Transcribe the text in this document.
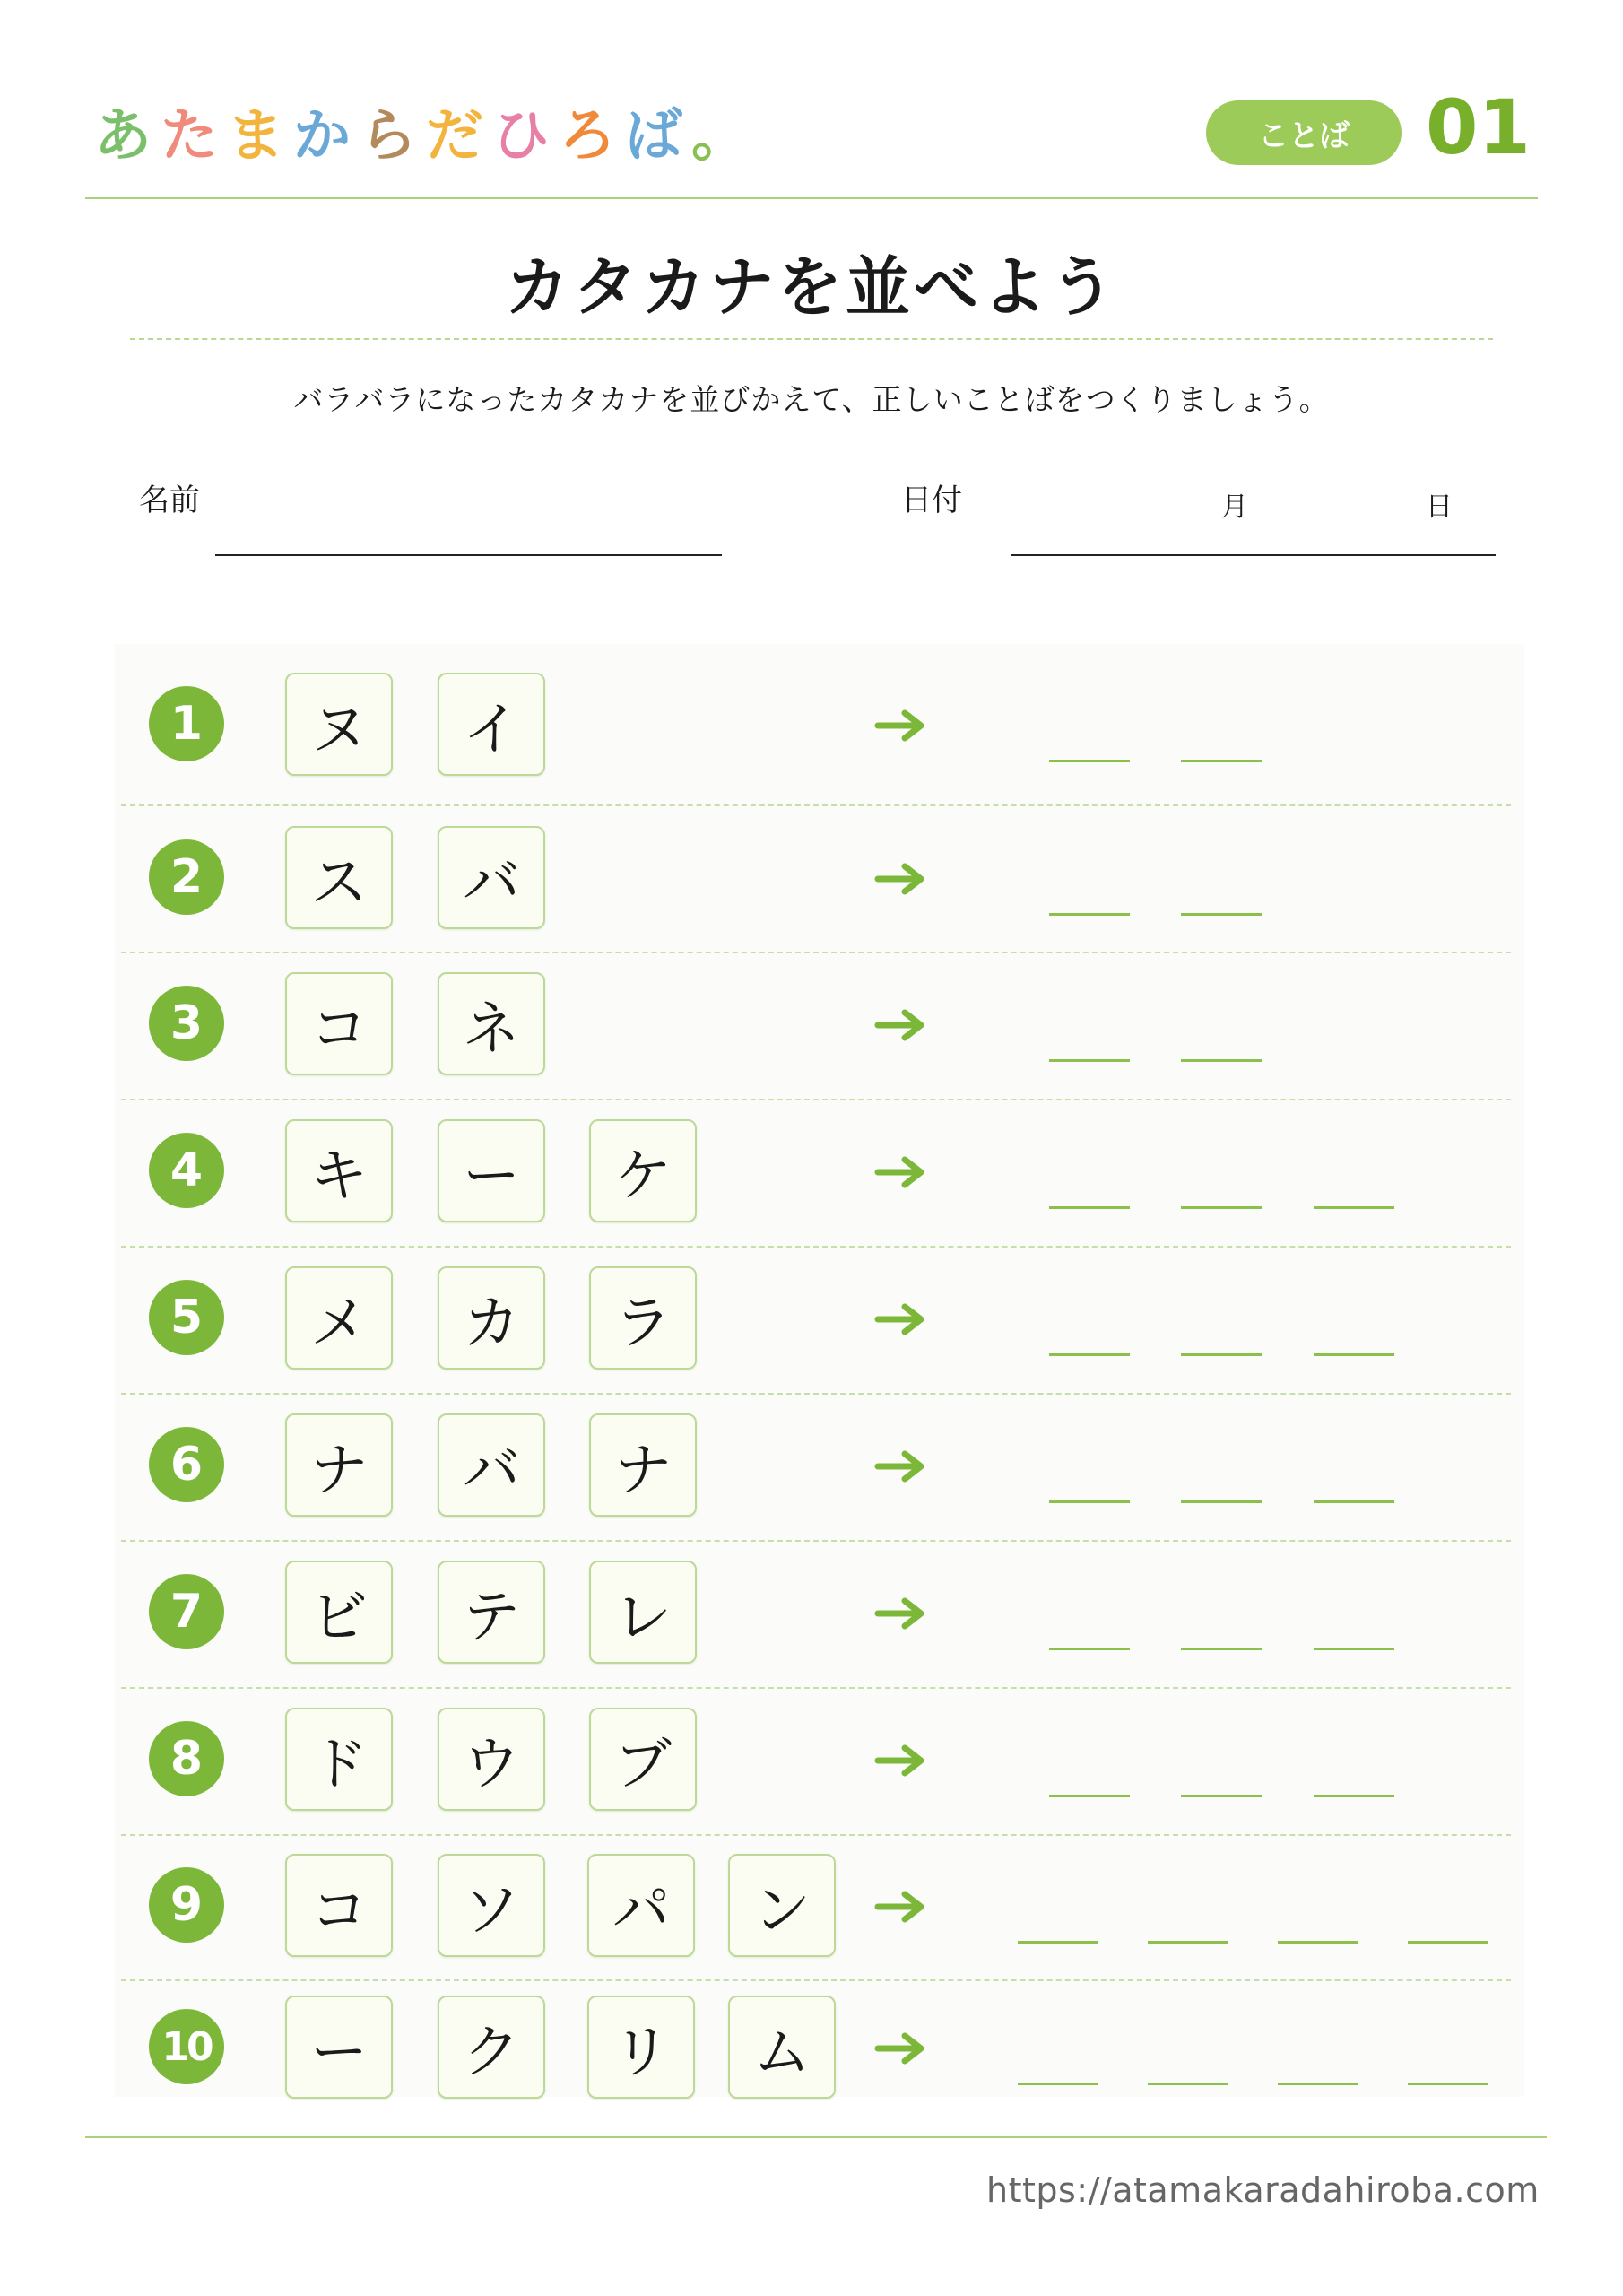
あたまからだひろば。	ことば	01
カタカナを並べよう
バラバラになったカタカナを並びかえて、正しいことばをつくりましょう。
名前	日付	月	日
1	ヌ	イ
2	ス	バ
3	コ	ネ
4	キ	ー	ケ
5	メ	カ	ラ
6	ナ	バ	ナ
7	ビ	テ	レ
8	ド	ウ	ブ
9	コ	ソ	パ	ン
10	ー	ク	リ	ム
https://atamakaradahiroba.com
